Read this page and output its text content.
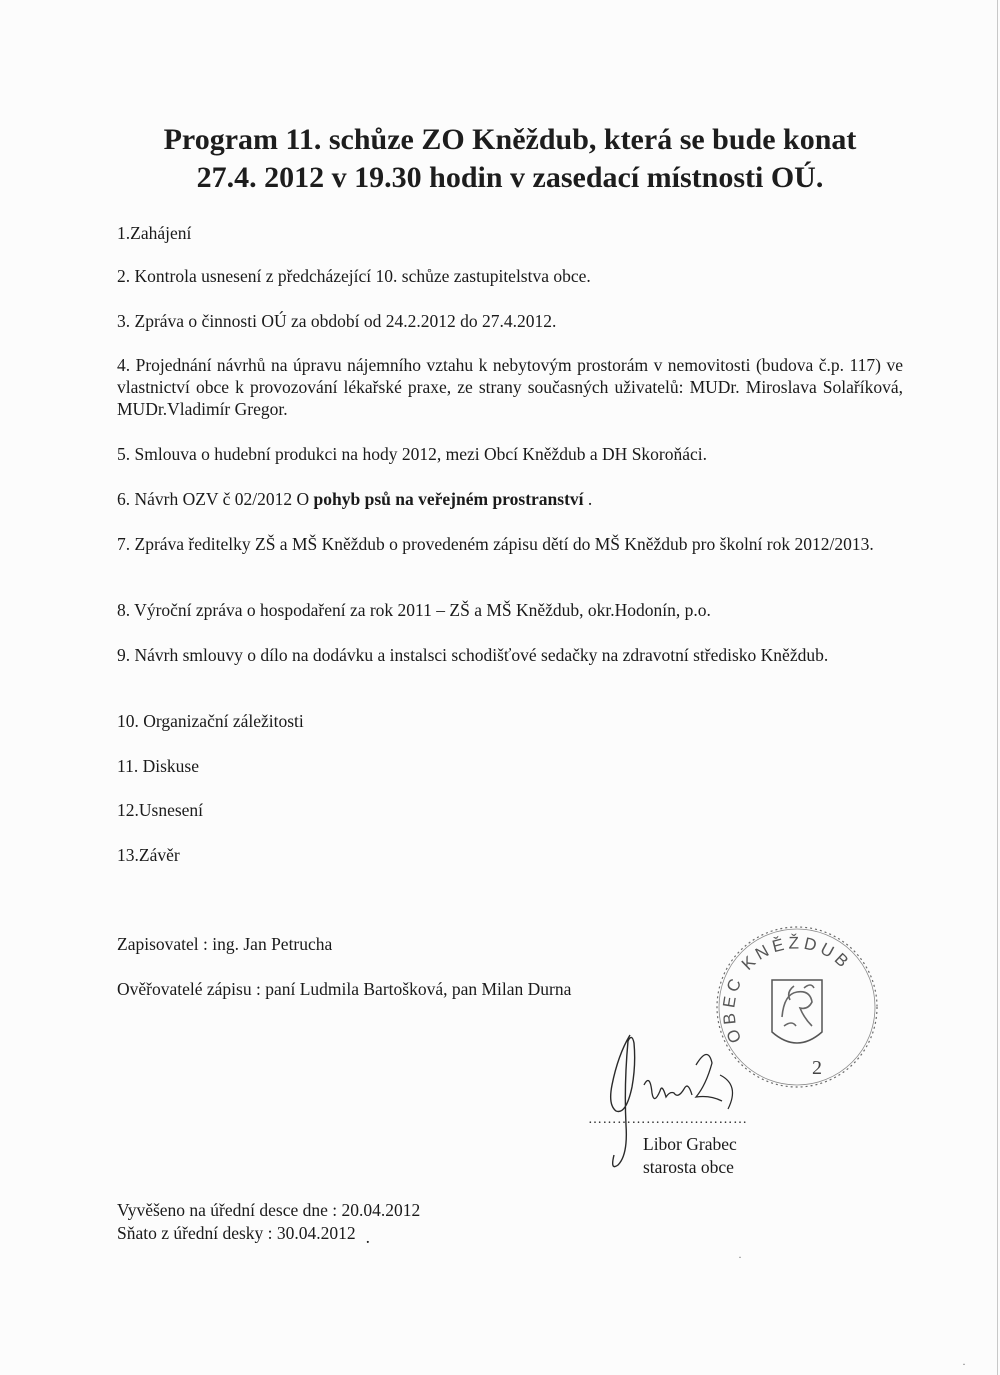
Program 11. schůze ZO Kněždub, která se bude konat
27.4. 2012 v 19.30 hodin v zasedací místnosti OÚ.
1.Zahájení
2. Kontrola usnesení z předcházející 10. schůze zastupitelstva obce.
3. Zpráva o činnosti OÚ za období od 24.2.2012 do 27.4.2012.
4. Projednání návrhů na úpravu nájemního vztahu k nebytovým prostorám v nemovitosti (budova č.p. 117) ve vlastnictví obce k provozování lékařské praxe, ze strany současných uživatelů: MUDr. Miroslava Solaříková, MUDr.Vladimír Gregor.
5. Smlouva o hudební produkci na hody 2012, mezi Obcí Kněždub a DH Skoroňáci.
6. Návrh OZV č 02/2012 O pohyb psů na veřejném prostranství .
7. Zpráva ředitelky ZŠ a MŠ Kněždub o provedeném zápisu dětí do MŠ Kněždub pro školní rok 2012/2013.
8. Výroční zpráva o hospodaření za rok 2011 – ZŠ a MŠ Kněždub, okr.Hodonín, p.o.
9. Návrh smlouvy o dílo na dodávku a instalsci schodišťové sedačky na zdravotní středisko Kněždub.
10. Organizační záležitosti
11. Diskuse
12.Usnesení
13.Závěr
Zapisovatel : ing. Jan Petrucha
Ověřovatelé zápisu : paní Ludmila Bartošková, pan Milan Durna
OBEC KNĚŽDUB
2
……………………………
Libor Grabec
starosta obce
Vyvěšeno na úřední desce dne : 20.04.2012
Sňato z úřední desky : 30.04.2012 .
·
·
